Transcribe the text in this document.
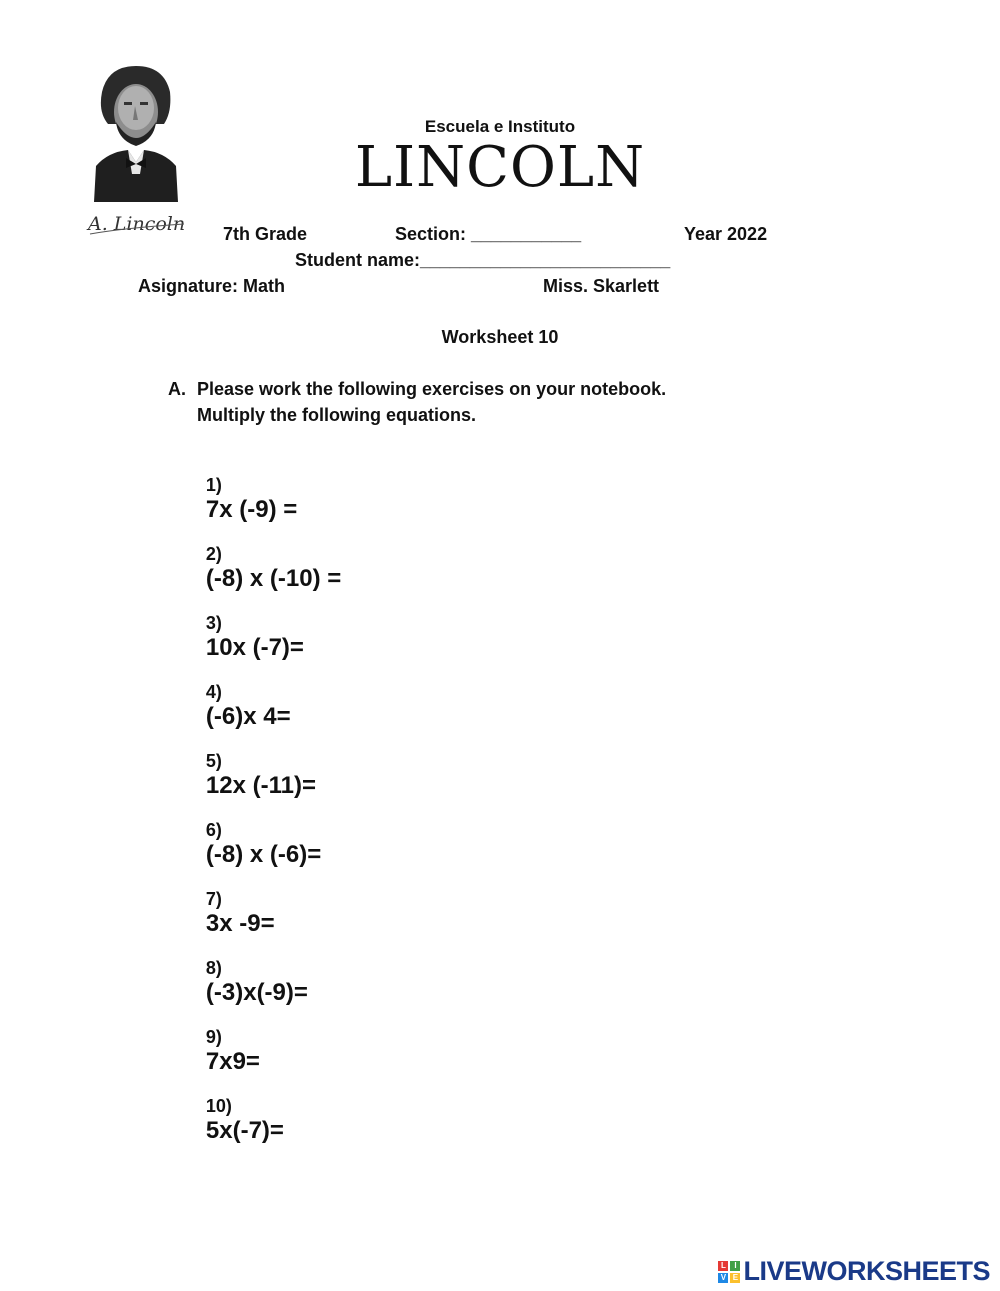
A. Lincoln
Escuela e Instituto
LINCOLN
7th Grade	Section: ___________	Year 2022
Student name:_________________________
Asignature: Math	Miss. Skarlett
Worksheet 10
A. Please work the following exercises on your notebook.
Multiply the following equations.

1)
7x (-9) =

2)
(-8) x (-10) =

3)
10x (-7)=

4)
(-6)x 4=

5)
12x (-11)=

6)
(-8) x (-6)=

7)
3x -9=

8)
(-3)x(-9)=

9)
7x9=

10)
5x(-7)=

L	I
V E LIVEWORKSHEETS
